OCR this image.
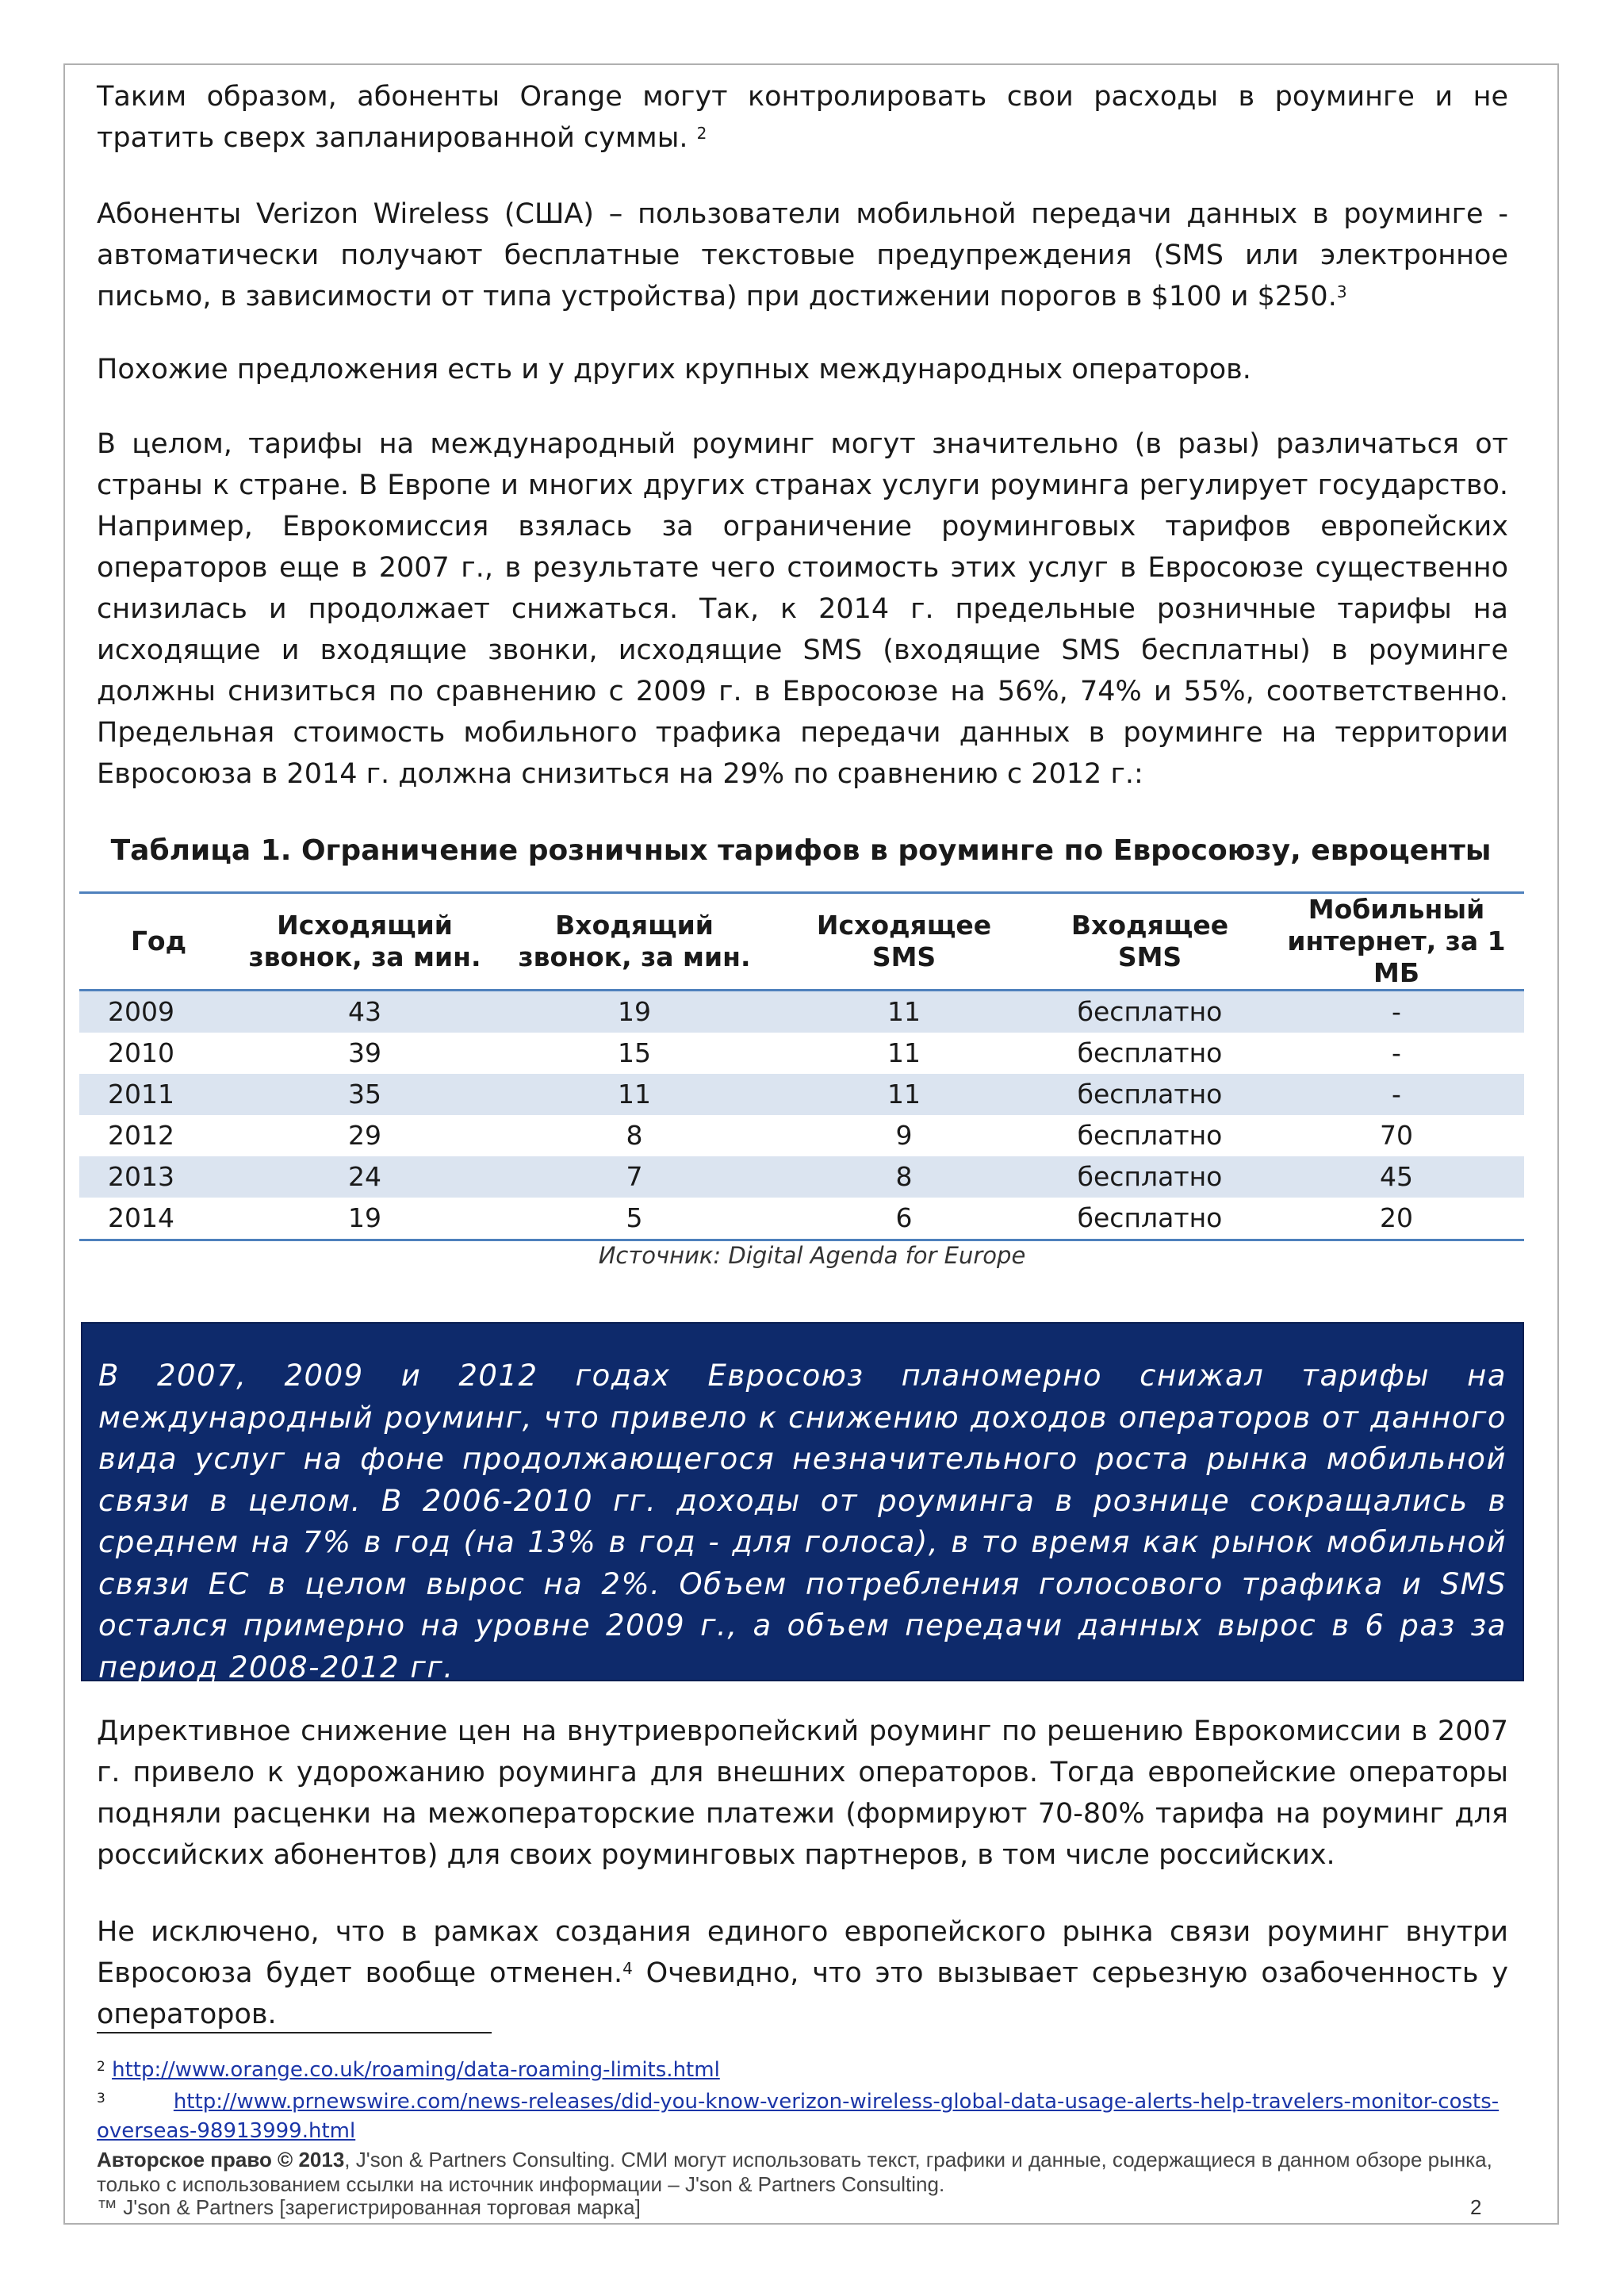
Таким образом, абоненты Orange могут контролировать свои расходы в роуминге и не тратить сверх запланированной суммы. $^2$

Абоненты Verizon Wireless (США) – пользователи мобильной передачи данных в роуминге - автоматически получают бесплатные текстовые предупреждения (SMS или электронное письмо, в зависимости от типа устройства) при достижении порогов в $100 и $250.$^3$

Похожие предложения есть и у других крупных международных операторов.

В целом, тарифы на международный роуминг могут значительно (в разы) различаться от страны к стране. В Европе и многих других странах услуги роуминга регулирует государство. Например, Еврокомиссия взялась за ограничение роуминговых тарифов европейских операторов еще в 2007 г., в результате чего стоимость этих услуг в Евросоюзе существенно снизилась и продолжает снижаться. Так, к 2014 г. предельные розничные тарифы на исходящие и входящие звонки, исходящие SMS (входящие SMS бесплатны) в роуминге должны снизиться по сравнению с 2009 г. в Евросоюзе на 56%, 74% и 55%, соответственно. Предельная стоимость мобильного трафика передачи данных в роуминге на территории Евросоюза в 2014 г. должна снизиться на 29% по сравнению с 2012 г.:

Таблица 1. Ограничение розничных тарифов в роуминге по Евросоюзу, евроценты

Год	Исходящий звонок, за мин.	Входящий звонок, за мин.	Исходящее SMS	Входящее SMS	Мобильный интернет, за 1 МБ
2009	43	19	11	бесплатно	-
2010	39	15	11	бесплатно	-
2011	35	11	11	бесплатно	-
2012	29	8	9	бесплатно	70
2013	24	7	8	бесплатно	45
2014	19	5	6	бесплатно	20

Источник: Digital Agenda for Europe

В 2007, 2009 и 2012 годах Евросоюз планомерно снижал тарифы на международный роуминг, что привело к снижению доходов операторов от данного вида услуг на фоне продолжающегося незначительного роста рынка мобильной связи в целом. В 2006-2010 гг. доходы от роуминга в рознице сокращались в среднем на 7% в год (на 13% в год - для голоса), в то время как рынок мобильной связи ЕС в целом вырос на 2%. Объем потребления голосового трафика и SMS остался примерно на уровне 2009 г., а объем передачи данных вырос в 6 раз за период 2008-2012 гг.

Директивное снижение цен на внутриевропейский роуминг по решению Еврокомиссии в 2007 г. привело к удорожанию роуминга для внешних операторов. Тогда европейские операторы подняли расценки на межоператорские платежи (формируют 70-80% тарифа на роуминг для российских абонентов) для своих роуминговых партнеров, в том числе российских.

Не исключено, что в рамках создания единого европейского рынка связи роуминг внутри Евросоюза будет вообще отменен.$^4$ Очевидно, что это вызывает серьезную озабоченность у операторов.

$^2$ http://www.orange.co.uk/roaming/data-roaming-limits.html

$^3$	http://www.prnewswire.com/news-releases/did-you-know-verizon-wireless-global-data-usage-alerts-help-travelers-monitor-costs-overseas-98913999.html

Авторское право © 2013, J'son & Partners Consulting. СМИ могут использовать текст, графики и данные, содержащиеся в данном обзоре рынка, только с использованием ссылки на источник информации – J'son & Partners Consulting.

™ J'son & Partners [зарегистрированная торговая марка]	2
